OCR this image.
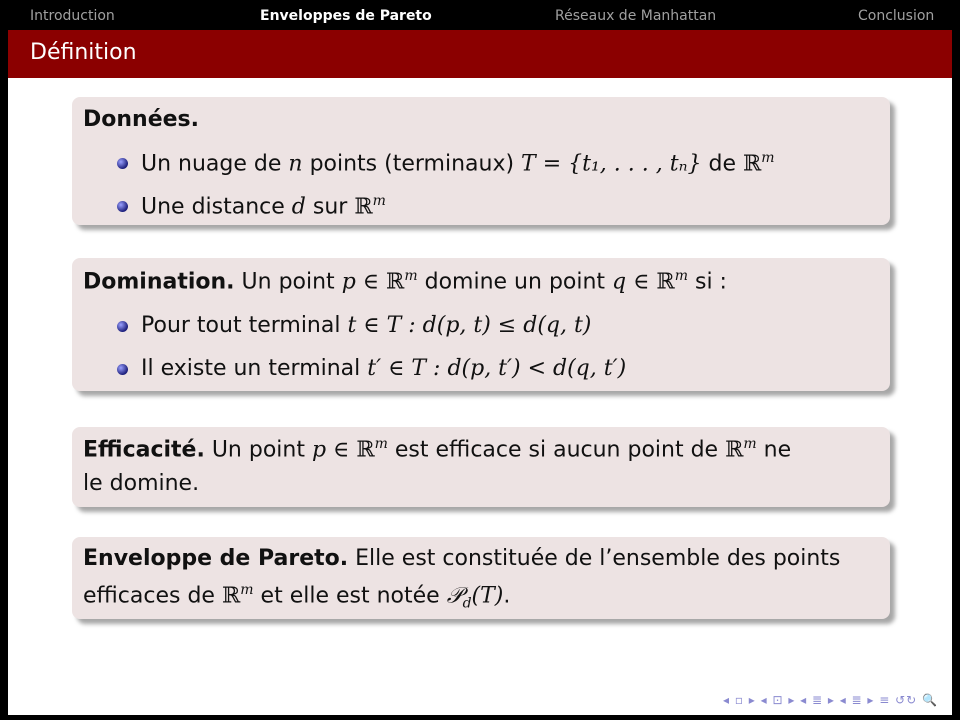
Introduction	Enveloppes de Pareto	Réseaux de Manhattan	Conclusion
Définition
Données.
Un nuage de n points (terminaux) T = {t₁, . . . , tₙ} de ℝ$^m$
Une distance d sur ℝ$^m$
Domination. Un point p ∈ ℝ$^m$ domine un point q ∈ ℝ$^m$ si :
Pour tout terminal t ∈ T : d(p, t) ≤ d(q, t)
Il existe un terminal t′ ∈ T : d(p, t′) < d(q, t′)
Efficacité. Un point p ∈ ℝ$^m$ est efficace si aucun point de ℝ$^m$ ne
le domine.
Enveloppe de Pareto. Elle est constituée de l’ensemble des points
efficaces de ℝ$^m$ et elle est notée 𝒫$_d$(T).
◂ ▫ ▸ ◂ ⊡ ▸ ◂ ≣ ▸ ◂ ≣ ▸ ≡ ↺↻ 🔍
